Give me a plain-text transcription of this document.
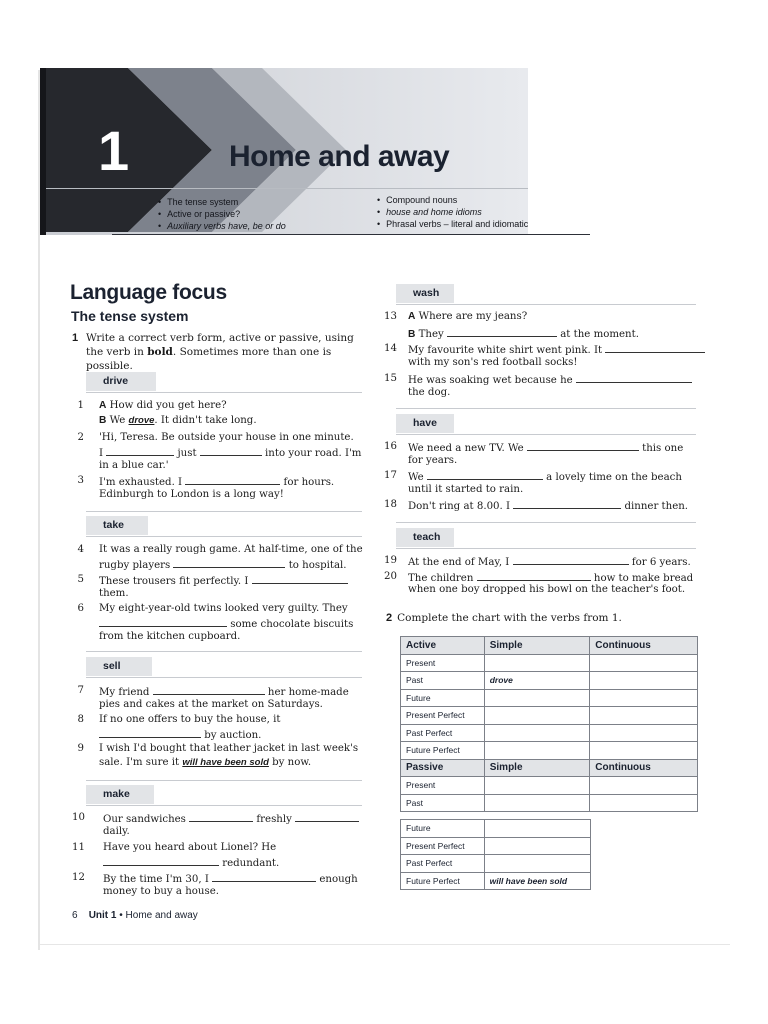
1	Home and away
• The tense system
• Active or passive?
• Auxiliary verbs have, be or do
• Compound nouns
• house and home idioms
• Phrasal verbs – literal and idiomatic
Language focus
The tense system
1 Write a correct verb form, active or passive, using the verb in bold. Sometimes more than one is possible.
drive
1 A How did you get here?
B We drove. It didn't take long.
2 'Hi, Teresa. Be outside your house in one minute.
I	just	into your road. I'm
in a blue car.'
3 I'm exhausted. I	for hours.
Edinburgh to London is a long way!
take
4 It was a really rough game. At half-time, one of the
rugby players	to hospital.
5 These trousers fit perfectly. I
them.
6 My eight-year-old twins looked very guilty. They
some chocolate biscuits
from the kitchen cupboard.
sell
7 My friend	her home-made
pies and cakes at the market on Saturdays.
8 If no one offers to buy the house, it
by auction.
9 I wish I'd bought that leather jacket in last week's
sale. I'm sure it will have been sold by now.
make
10 Our sandwiches	freshly
daily.
11 Have you heard about Lionel? He
redundant.
12 By the time I'm 30, I	enough
money to buy a house.
wash
13 A Where are my jeans?
B They	at the moment.
14 My favourite white shirt went pink. It
with my son's red football socks!
15 He was soaking wet because he
the dog.
have
16 We need a new TV. We	this one
for years.
17 We	a lovely time on the beach
until it started to rain.
18 Don't ring at 8.00. I	dinner then.
teach
19 At the end of May, I	for 6 years.
20 The children	how to make bread
when one boy dropped his bowl on the teacher's foot.
2 Complete the chart with the verbs from 1.
Active	Simple	Continuous
Present		
Past	drove	
Future		
Present Perfect		
Past Perfect		
Future Perfect		
Passive	Simple	Continuous
Present		
Past		
Future	
Present Perfect	
Past Perfect	
Future Perfect	will have been sold
6 Unit 1 • Home and away
